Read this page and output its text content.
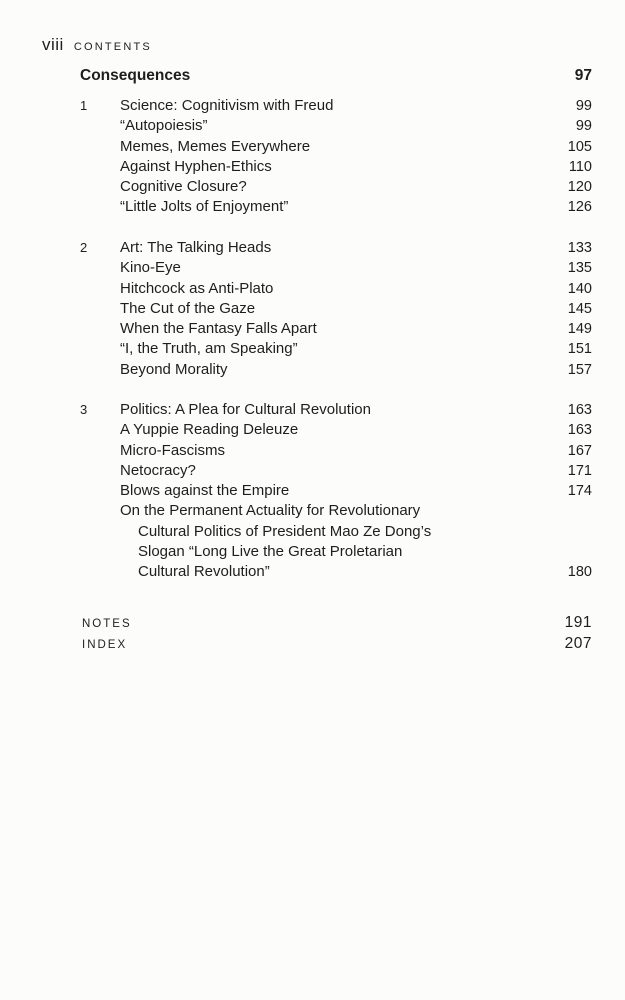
viii CONTENTS
Consequences	97
1	Science: Cognitivism with Freud	99
“Autopoiesis”	99
Memes, Memes Everywhere	105
Against Hyphen-Ethics	110
Cognitive Closure?	120
“Little Jolts of Enjoyment”	126
2	Art: The Talking Heads	133
Kino-Eye	135
Hitchcock as Anti-Plato	140
The Cut of the Gaze	145
When the Fantasy Falls Apart	149
“I, the Truth, am Speaking”	151
Beyond Morality	157
3	Politics: A Plea for Cultural Revolution	163
A Yuppie Reading Deleuze	163
Micro-Fascisms	167
Netocracy?	171
Blows against the Empire	174
On the Permanent Actuality for Revolutionary
Cultural Politics of President Mao Ze Dong’s
Slogan “Long Live the Great Proletarian
Cultural Revolution”	180
NOTES	191
INDEX	207
